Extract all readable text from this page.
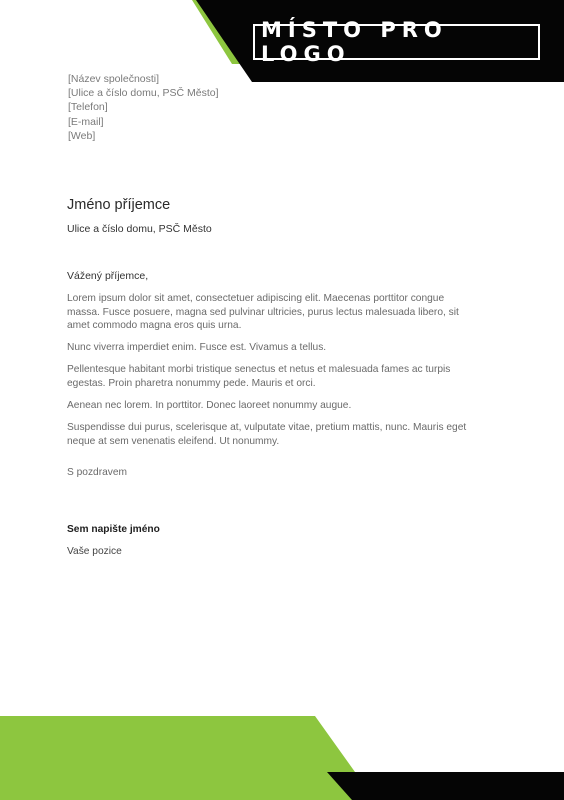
MÍSTO PRO LOGO
[Název společnosti]
[Ulice a číslo domu, PSČ Město]
[Telefon]
[E-mail]
[Web]
Jméno příjemce
Ulice a číslo domu, PSČ Město
Vážený příjemce,

Lorem ipsum dolor sit amet, consectetuer adipiscing elit. Maecenas porttitor congue massa. Fusce posuere, magna sed pulvinar ultricies, purus lectus malesuada libero, sit amet commodo magna eros quis urna.

Nunc viverra imperdiet enim. Fusce est. Vivamus a tellus.

Pellentesque habitant morbi tristique senectus et netus et malesuada fames ac turpis egestas. Proin pharetra nonummy pede. Mauris et orci.

Aenean nec lorem. In porttitor. Donec laoreet nonummy augue.

Suspendisse dui purus, scelerisque at, vulputate vitae, pretium mattis, nunc. Mauris eget neque at sem venenatis eleifend. Ut nonummy.

S pozdravem
Sem napište jméno
Vaše pozice
